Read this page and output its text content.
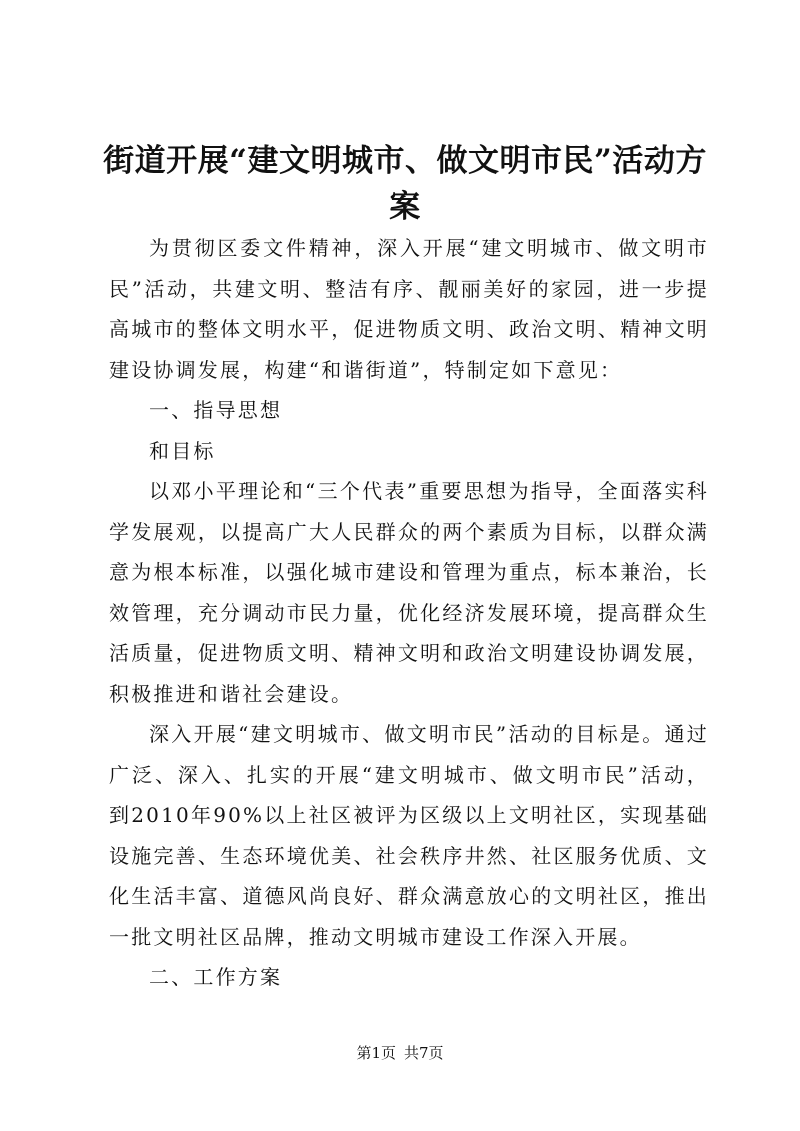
街道开展“建文明城市、做文明市民”活动方案

为贯彻区委文件精神，深入开展“建文明城市、做文明市民”活动，共建文明、整洁有序、靓丽美好的家园，进一步提高城市的整体文明水平，促进物质文明、政治文明、精神文明建设协调发展，构建“和谐街道”，特制定如下意见：

一、指导思想

和目标

以邓小平理论和“三个代表”重要思想为指导，全面落实科学发展观，以提高广大人民群众的两个素质为目标，以群众满意为根本标准，以强化城市建设和管理为重点，标本兼治，长效管理，充分调动市民力量，优化经济发展环境，提高群众生活质量，促进物质文明、精神文明和政治文明建设协调发展，积极推进和谐社会建设。

深入开展“建文明城市、做文明市民”活动的目标是。通过广泛、深入、扎实的开展“建文明城市、做文明市民”活动，到2010年90%以上社区被评为区级以上文明社区，实现基础设施完善、生态环境优美、社会秩序井然、社区服务优质、文化生活丰富、道德风尚良好、群众满意放心的文明社区，推出一批文明社区品牌，推动文明城市建设工作深入开展。

二、工作方案

第1页 共7页
